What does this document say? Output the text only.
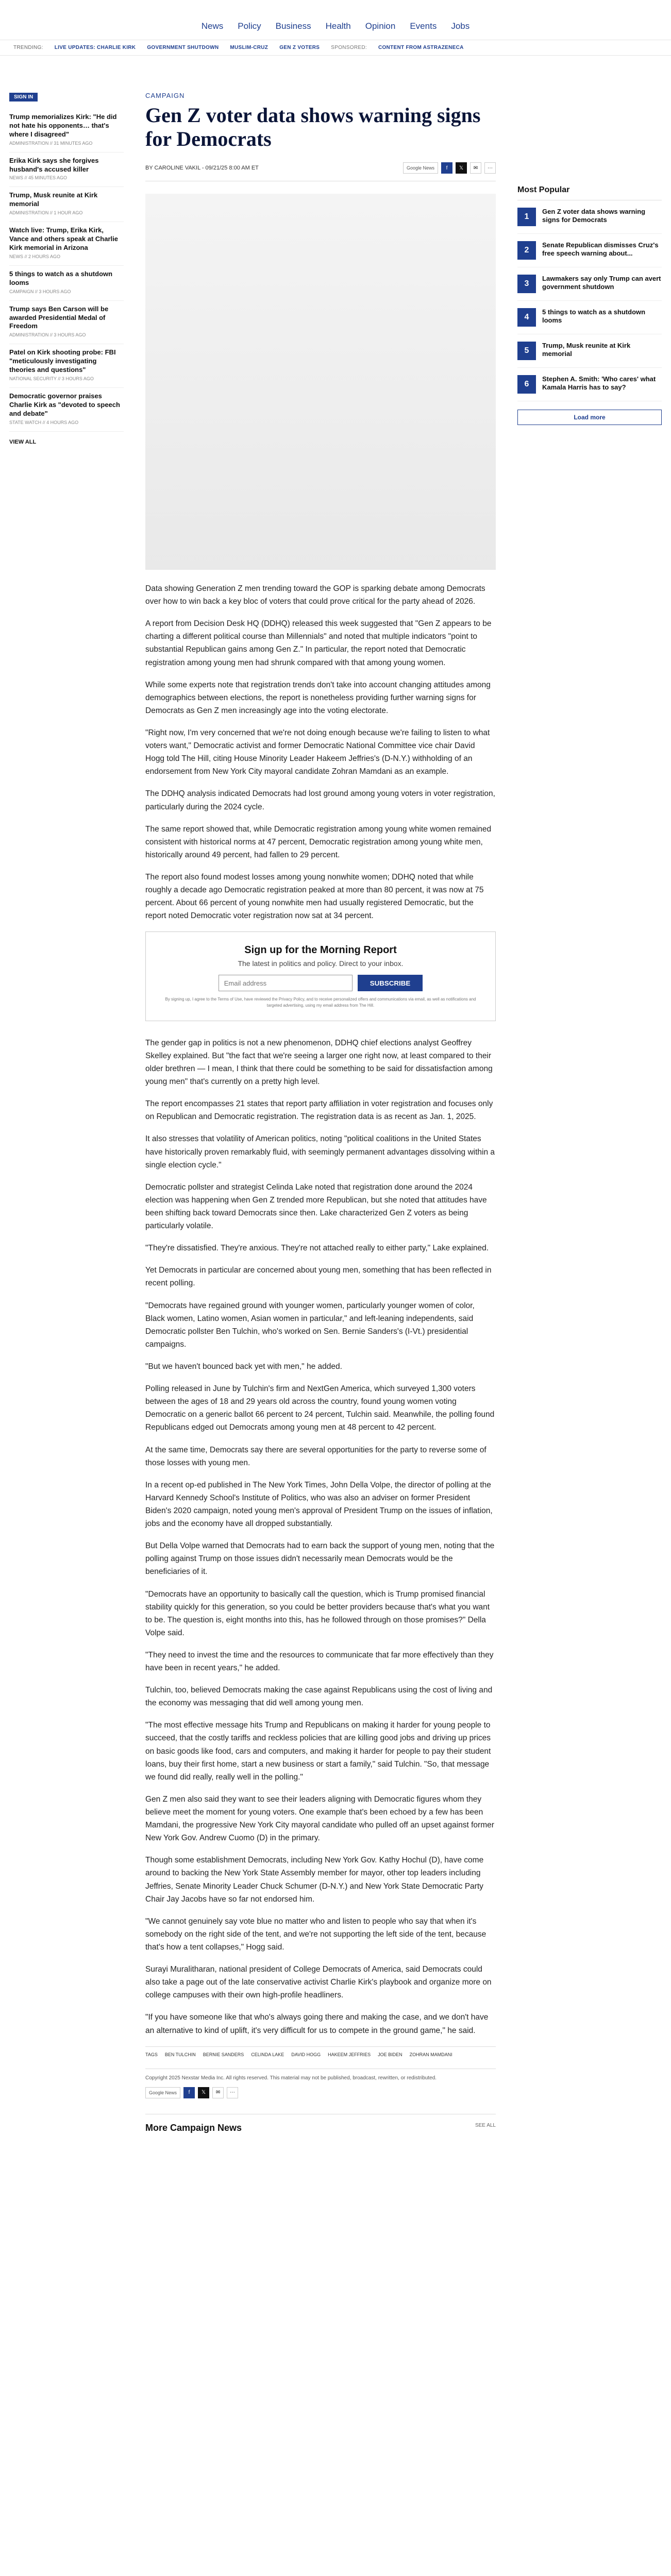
News Policy Business Health Opinion Events Jobs
TRENDING: LIVE UPDATES: CHARLIE KIRK GOVERNMENT SHUTDOWN MUSLIM-CRUZ GEN Z VOTERS SPONSORED: CONTENT FROM ASTRAZENECA
SIGN IN
Trump memorializes Kirk: "He did not hate his opponents… that's where I disagreed"
ADMINISTRATION // 31 MINUTES AGO
Erika Kirk says she forgives husband's accused killer
NEWS // 45 MINUTES AGO
Trump, Musk reunite at Kirk memorial
ADMINISTRATION // 1 HOUR AGO
Watch live: Trump, Erika Kirk, Vance and others speak at Charlie Kirk memorial in Arizona
NEWS // 2 HOURS AGO
5 things to watch as a shutdown looms
CAMPAIGN // 3 HOURS AGO
Trump says Ben Carson will be awarded Presidential Medal of Freedom
ADMINISTRATION // 3 HOURS AGO
Patel on Kirk shooting probe: FBI "meticulously investigating theories and questions"
NATIONAL SECURITY // 3 HOURS AGO
Democratic governor praises Charlie Kirk as "devoted to speech and debate"
STATE WATCH // 4 HOURS AGO
VIEW ALL
CAMPAIGN
Gen Z voter data shows warning signs for Democrats
BY CAROLINE VAKIL - 09/21/25 8:00 AM ET	Google News	f	𝕏	✉	⋯

Data showing Generation Z men trending toward the GOP is sparking debate among Democrats over how to win back a key bloc of voters that could prove critical for the party ahead of 2026.

A report from Decision Desk HQ (DDHQ) released this week suggested that "Gen Z appears to be charting a different political course than Millennials" and noted that multiple indicators "point to substantial Republican gains among Gen Z." In particular, the report noted that Democratic registration among young men had shrunk compared with that among young women.

While some experts note that registration trends don't take into account changing attitudes among demographics between elections, the report is nonetheless providing further warning signs for Democrats as Gen Z men increasingly age into the voting electorate.

"Right now, I'm very concerned that we're not doing enough because we're failing to listen to what voters want," Democratic activist and former Democratic National Committee vice chair David Hogg told The Hill, citing House Minority Leader Hakeem Jeffries's (D-N.Y.) withholding of an endorsement from New York City mayoral candidate Zohran Mamdani as an example.

The DDHQ analysis indicated Democrats had lost ground among young voters in voter registration, particularly during the 2024 cycle.

The same report showed that, while Democratic registration among young white women remained consistent with historical norms at 47 percent, Democratic registration among young white men, historically around 49 percent, had fallen to 29 percent.

The report also found modest losses among young nonwhite women; DDHQ noted that while roughly a decade ago Democratic registration peaked at more than 80 percent, it was now at 75 percent. About 66 percent of young nonwhite men had usually registered Democratic, but the report noted Democratic voter registration now sat at 34 percent.

Sign up for the Morning Report
The latest in politics and policy. Direct to your inbox.
Email address
SUBSCRIBE
By signing up, I agree to the Terms of Use, have reviewed the Privacy Policy, and to receive personalized offers and communications via email, as well as notifications and targeted advertising, using my email address from The Hill.

The gender gap in politics is not a new phenomenon, DDHQ chief elections analyst Geoffrey Skelley explained. But "the fact that we're seeing a larger one right now, at least compared to their older brethren — I mean, I think that there could be something to be said for dissatisfaction among young men" that's currently on a pretty high level.

The report encompasses 21 states that report party affiliation in voter registration and focuses only on Republican and Democratic registration. The registration data is as recent as Jan. 1, 2025.

It also stresses that volatility of American politics, noting "political coalitions in the United States have historically proven remarkably fluid, with seemingly permanent advantages dissolving within a single election cycle."

Democratic pollster and strategist Celinda Lake noted that registration done around the 2024 election was happening when Gen Z trended more Republican, but she noted that attitudes have been shifting back toward Democrats since then. Lake characterized Gen Z voters as being particularly volatile.

"They're dissatisfied. They're anxious. They're not attached really to either party," Lake explained.

Yet Democrats in particular are concerned about young men, something that has been reflected in recent polling.

"Democrats have regained ground with younger women, particularly younger women of color, Black women, Latino women, Asian women in particular," and left-leaning independents, said Democratic pollster Ben Tulchin, who's worked on Sen. Bernie Sanders's (I-Vt.) presidential campaigns.

"But we haven't bounced back yet with men," he added.

Polling released in June by Tulchin's firm and NextGen America, which surveyed 1,300 voters between the ages of 18 and 29 years old across the country, found young women voting Democratic on a generic ballot 66 percent to 24 percent, Tulchin said. Meanwhile, the polling found Republicans edged out Democrats among young men at 48 percent to 42 percent.

At the same time, Democrats say there are several opportunities for the party to reverse some of those losses with young men.

In a recent op-ed published in The New York Times, John Della Volpe, the director of polling at the Harvard Kennedy School's Institute of Politics, who was also an adviser on former President Biden's 2020 campaign, noted young men's approval of President Trump on the issues of inflation, jobs and the economy have all dropped substantially.

But Della Volpe warned that Democrats had to earn back the support of young men, noting that the polling against Trump on those issues didn't necessarily mean Democrats would be the beneficiaries of it.

"Democrats have an opportunity to basically call the question, which is Trump promised financial stability quickly for this generation, so you could be better providers because that's what you want to be. The question is, eight months into this, has he followed through on those promises?" Della Volpe said.

"They need to invest the time and the resources to communicate that far more effectively than they have been in recent years," he added.

Tulchin, too, believed Democrats making the case against Republicans using the cost of living and the economy was messaging that did well among young men.

"The most effective message hits Trump and Republicans on making it harder for young people to succeed, that the costly tariffs and reckless policies that are killing good jobs and driving up prices on basic goods like food, cars and computers, and making it harder for people to pay their student loans, buy their first home, start a new business or start a family," said Tulchin. "So, that message we found did really, really well in the polling."

Gen Z men also said they want to see their leaders aligning with Democratic figures whom they believe meet the moment for young voters. One example that's been echoed by a few has been Mamdani, the progressive New York City mayoral candidate who pulled off an upset against former New York Gov. Andrew Cuomo (D) in the primary.

Though some establishment Democrats, including New York Gov. Kathy Hochul (D), have come around to backing the New York State Assembly member for mayor, other top leaders including Jeffries, Senate Minority Leader Chuck Schumer (D-N.Y.) and New York State Democratic Party Chair Jay Jacobs have so far not endorsed him.

"We cannot genuinely say vote blue no matter who and listen to people who say that when it's somebody on the right side of the tent, and we're not supporting the left side of the tent, because that's how a tent collapses," Hogg said.

Surayi Muralitharan, national president of College Democrats of America, said Democrats could also take a page out of the late conservative activist Charlie Kirk's playbook and organize more on college campuses with their own high-profile headliners.

"If you have someone like that who's always going there and making the case, and we don't have an alternative to kind of uplift, it's very difficult for us to compete in the ground game," he said.

TAGS BEN TULCHIN BERNIE SANDERS CELINDA LAKE DAVID HOGG HAKEEM JEFFRIES JOE BIDEN ZOHRAN MAMDANI
Copyright 2025 Nexstar Media Inc. All rights reserved. This material may not be published, broadcast, rewritten, or redistributed.
Google News	f	𝕏	✉	⋯
More Campaign News	SEE ALL
Most Popular
1
Gen Z voter data shows warning signs for Democrats
2
Senate Republican dismisses Cruz's free speech warning about...
3
Lawmakers say only Trump can avert government shutdown
4
5 things to watch as a shutdown looms
5
Trump, Musk reunite at Kirk memorial
6
Stephen A. Smith: 'Who cares' what Kamala Harris has to say?
Load more
